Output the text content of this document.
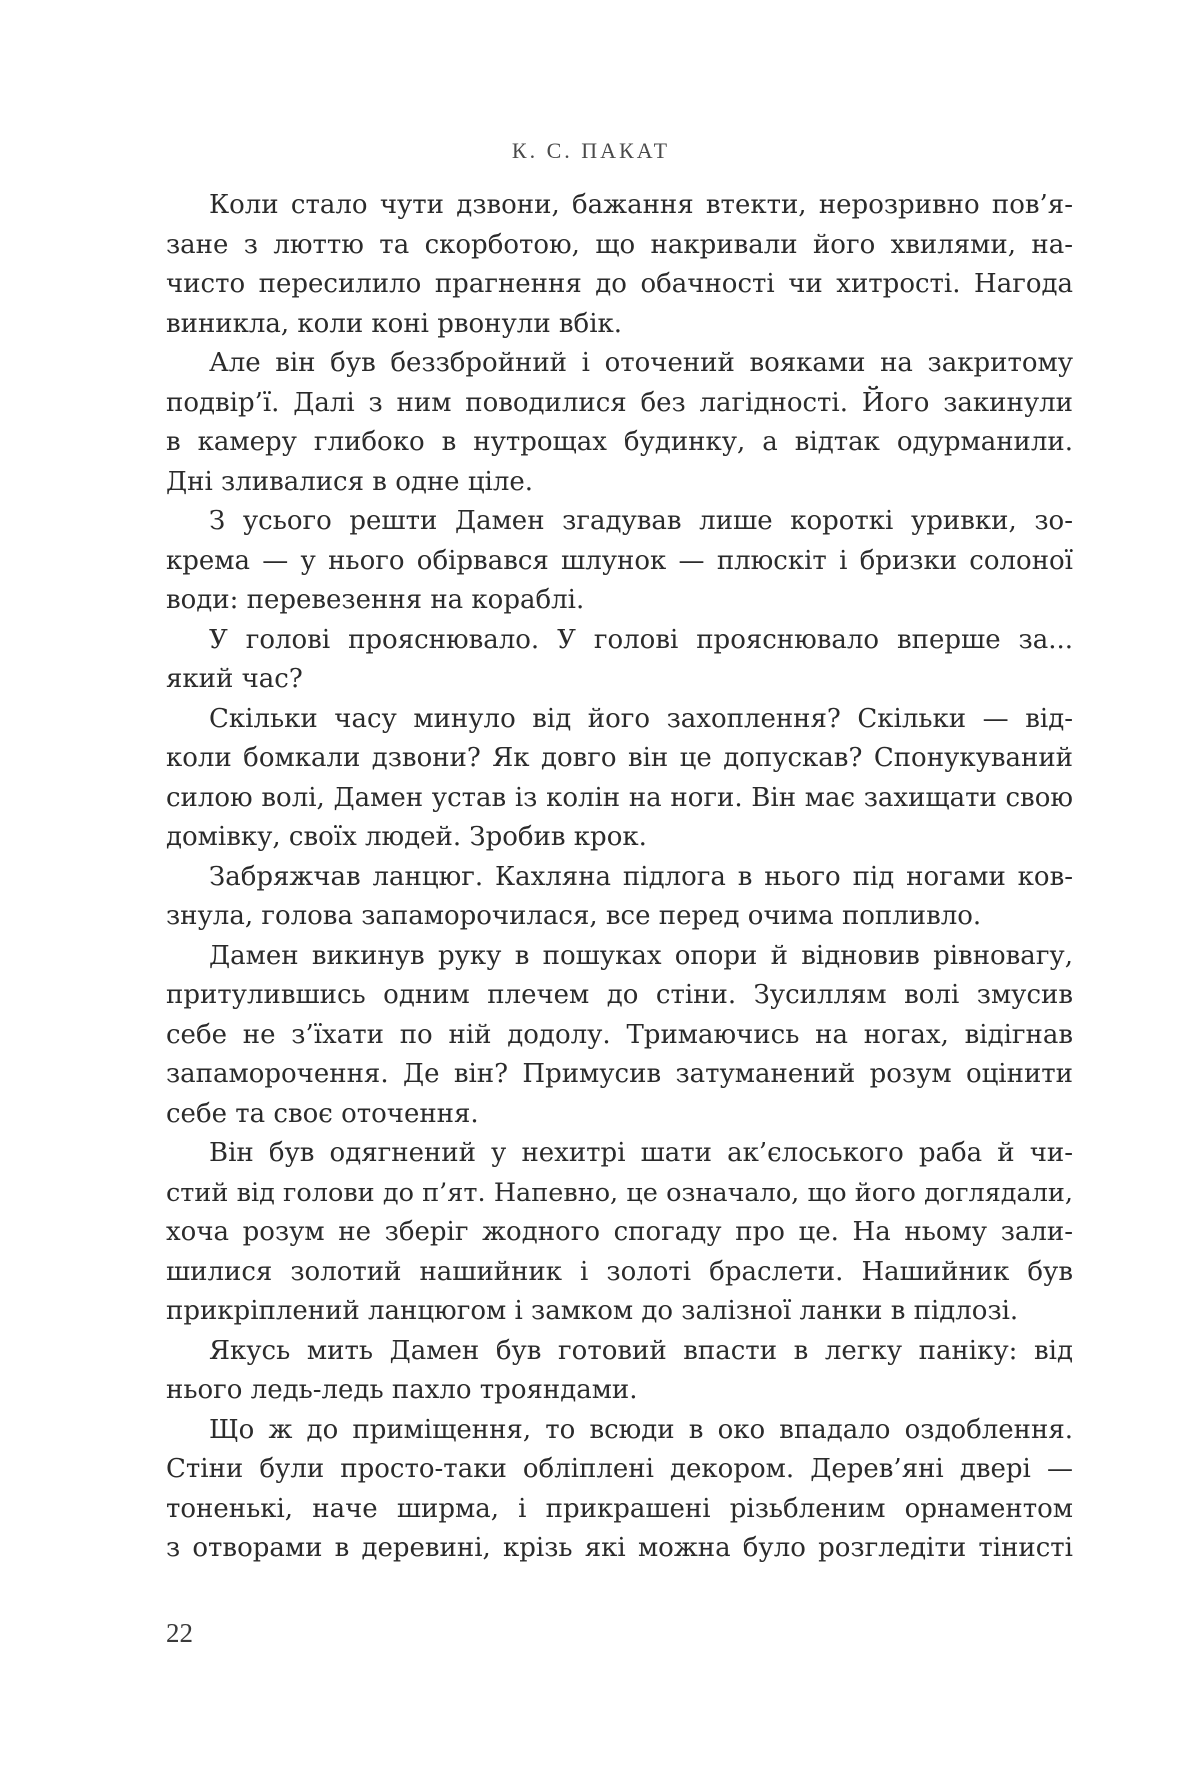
К. С. ПАКАТ
Коли стало чути дзвони, бажання втекти, нерозривно пов’я-
зане з люттю та скорботою, що накривали його хвилями, на-
чисто пересилило прагнення до обачності чи хитрості. Нагода
виникла, коли коні рвонули вбік.
Але він був беззбройний і оточений вояками на закритому
подвір’ї. Далі з ним поводилися без лагідності. Його закинули
в камеру глибоко в нутрощах будинку, а відтак одурманили.
Дні зливалися в одне ціле.
З усього решти Дамен згадував лише короткі уривки, зо-
крема — у нього обірвався шлунок — плюскіт і бризки солоної
води: перевезення на кораблі.
У голові прояснювало. У голові прояснювало вперше за...
який час?
Скільки часу минуло від його захоплення? Скільки — від-
коли бомкали дзвони? Як довго він це допускав? Спонукуваний
силою волі, Дамен устав із колін на ноги. Він має захищати свою
домівку, своїх людей. Зробив крок.
Забряжчав ланцюг. Кахляна підлога в нього під ногами ков-
знула, голова запаморочилася, все перед очима попливло.
Дамен викинув руку в пошуках опори й відновив рівновагу,
притулившись одним плечем до стіни. Зусиллям волі змусив
себе не з’їхати по ній додолу. Тримаючись на ногах, відігнав
запаморочення. Де він? Примусив затуманений розум оцінити
себе та своє оточення.
Він був одягнений у нехитрі шати ак’єлоського раба й чи-
стий від голови до п’ят. Напевно, це означало, що його доглядали,
хоча розум не зберіг жодного спогаду про це. На ньому зали-
шилися золотий нашийник і золоті браслети. Нашийник був
прикріплений ланцюгом і замком до залізної ланки в підлозі.
Якусь мить Дамен був готовий впасти в легку паніку: від
нього ледь-ледь пахло трояндами.
Що ж до приміщення, то всюди в око впадало оздоблення.
Стіни були просто-таки обліплені декором. Дерев’яні двері —
тоненькі, наче ширма, і прикрашені різьбленим орнаментом
з отворами в деревині, крізь які можна було розгледіти тінисті
22
